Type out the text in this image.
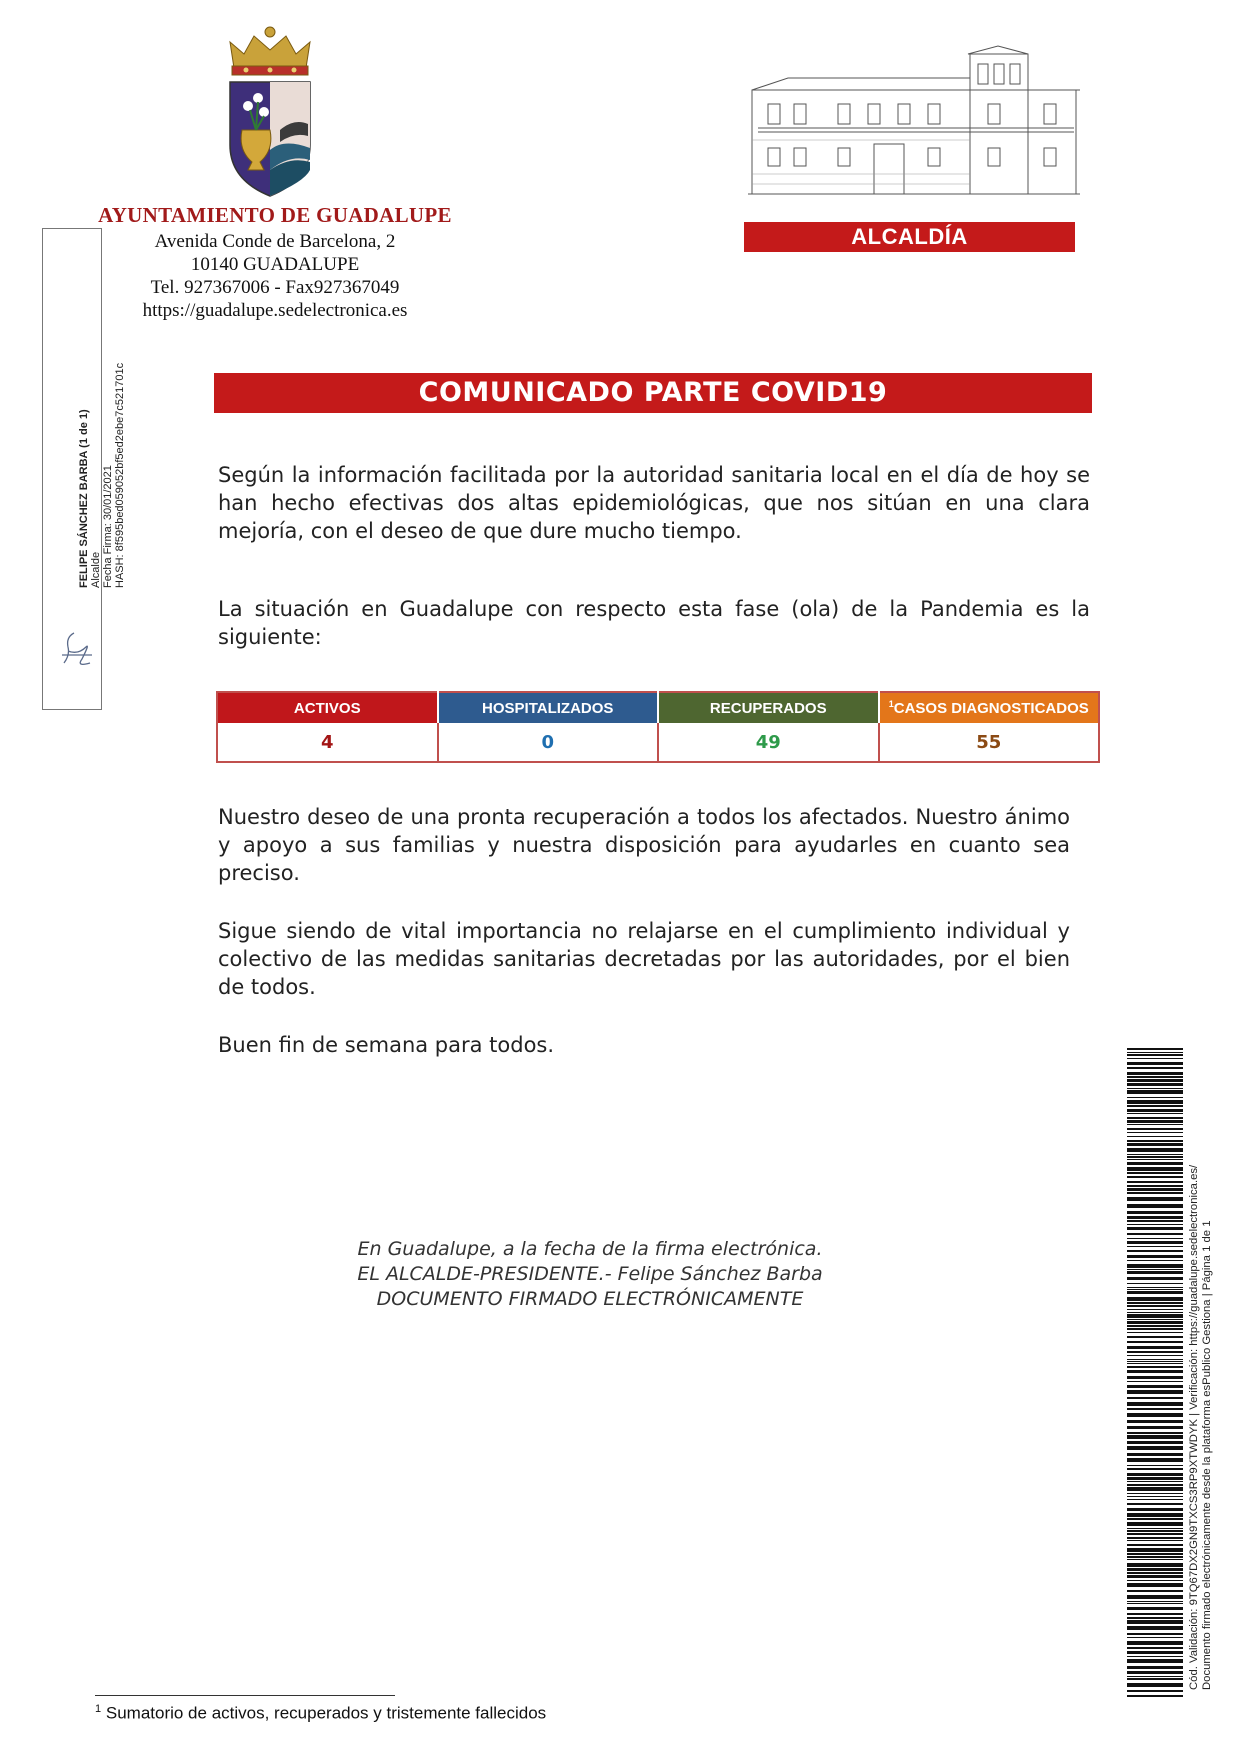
AYUNTAMIENTO DE GUADALUPE
Avenida Conde de Barcelona, 2
10140 GUADALUPE
Tel. 927367006 - Fax927367049
https://guadalupe.sedelectronica.es
ALCALDÍA
FELIPE SÁNCHEZ BARBA (1 de 1) Alcalde Fecha Firma: 30/01/2021 HASH: 8f595bed059052bf5ed2ebe7c521701c	COMUNICADO PARTE COVID19
Según la información facilitada por la autoridad sanitaria local en el día de hoy se han hecho efectivas dos altas epidemiológicas, que nos sitúan en una clara mejoría, con el deseo de que dure mucho tiempo.
La situación en Guadalupe con respecto esta fase (ola) de la Pandemia es la siguiente:
ACTIVOS	HOSPITALIZADOS	RECUPERADOS	$^1$CASOS DIAGNOSTICADOS
4	0	49	55
Nuestro deseo de una pronta recuperación a todos los afectados. Nuestro ánimo y apoyo a sus familias y nuestra disposición para ayudarles en cuanto sea preciso.
Sigue siendo de vital importancia no relajarse en el cumplimiento individual y colectivo de las medidas sanitarias decretadas por las autoridades, por el bien de todos.
Buen fin de semana para todos.
En Guadalupe, a la fecha de la firma electrónica.
EL ALCALDE-PRESIDENTE.- Felipe Sánchez Barba
DOCUMENTO FIRMADO ELECTRÓNICAMENTE
$^1$ Sumatorio de activos, recuperados y tristemente fallecidos
Cód. Validación: 9TQ67DX2GN9TXCS3RP9XTWDYK | Verificación: https://guadalupe.sedelectronica.es/ Documento firmado electrónicamente desde la plataforma esPublico Gestiona | Página 1 de 1
